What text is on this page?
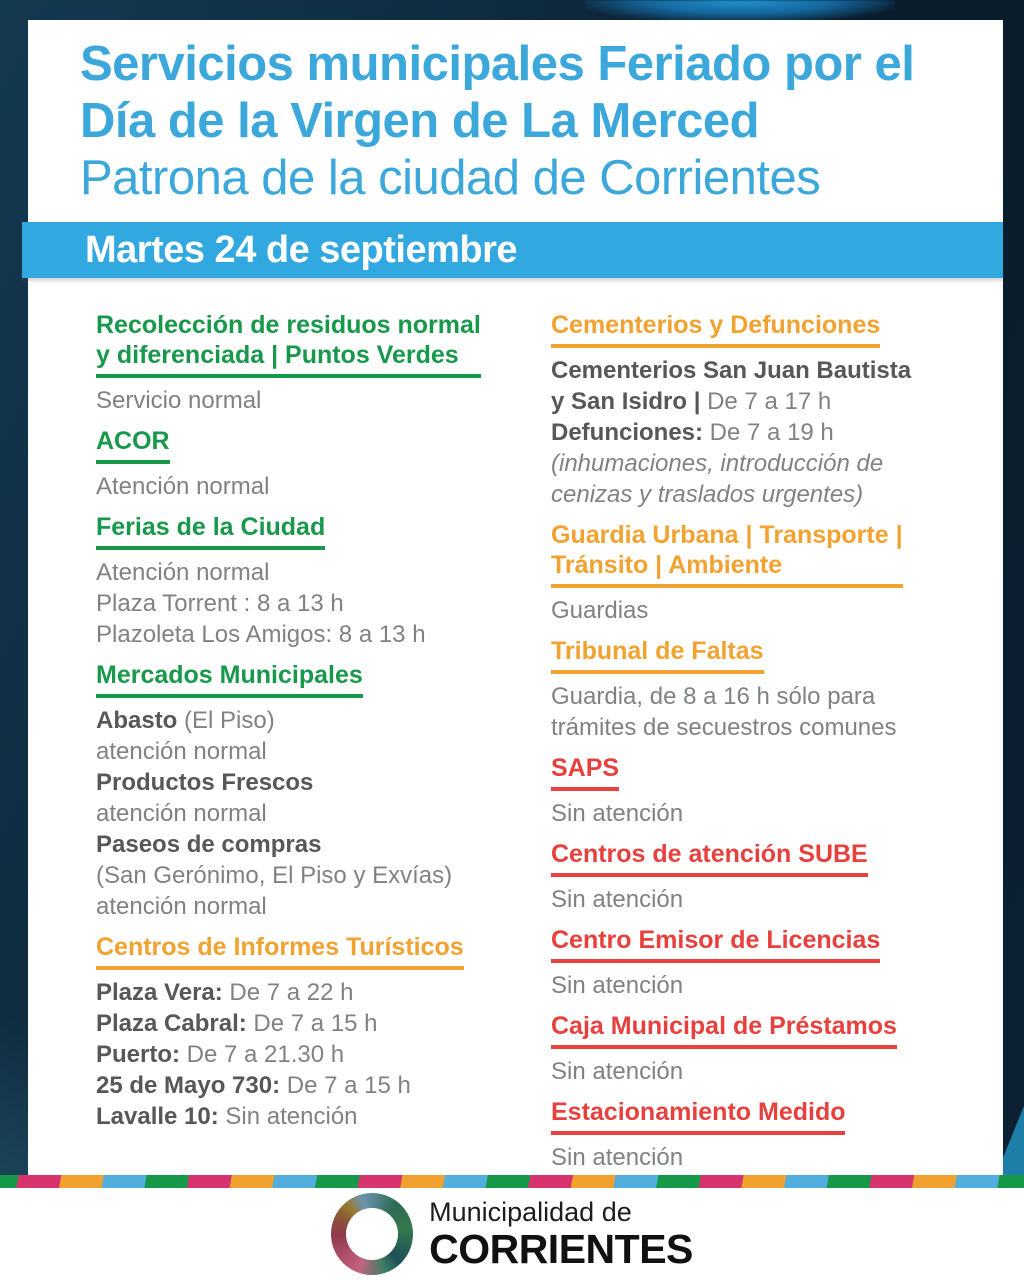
Servicios municipales Feriado por el
Día de la Virgen de La Merced
Patrona de la ciudad de Corrientes
Martes 24 de septiembre
Recolección de residuos normal
y diferenciada | Puntos Verdes
Servicio normal
ACOR
Atención normal
Ferias de la Ciudad
Atención normal
Plaza Torrent : 8 a 13 h
Plazoleta Los Amigos: 8 a 13 h
Mercados Municipales
Abasto (El Piso)
atención normal
Productos Frescos
atención normal
Paseos de compras
(San Gerónimo, El Piso y Exvías)
atención normal
Centros de Informes Turísticos
Plaza Vera: De 7 a 22 h
Plaza Cabral: De 7 a 15 h
Puerto: De 7 a 21.30 h
25 de Mayo 730: De 7 a 15 h
Lavalle 10: Sin atención
Cementerios y Defunciones
Cementerios San Juan Bautista
y San Isidro | De 7 a 17 h
Defunciones: De 7 a 19 h
(inhumaciones, introducción de
cenizas y traslados urgentes)
Guardia Urbana | Transporte |
Tránsito | Ambiente
Guardias
Tribunal de Faltas
Guardia, de 8 a 16 h sólo para
trámites de secuestros comunes
SAPS
Sin atención
Centros de atención SUBE
Sin atención
Centro Emisor de Licencias
Sin atención
Caja Municipal de Préstamos
Sin atención
Estacionamiento Medido
Sin atención
Municipalidad de
CORRIENTES
